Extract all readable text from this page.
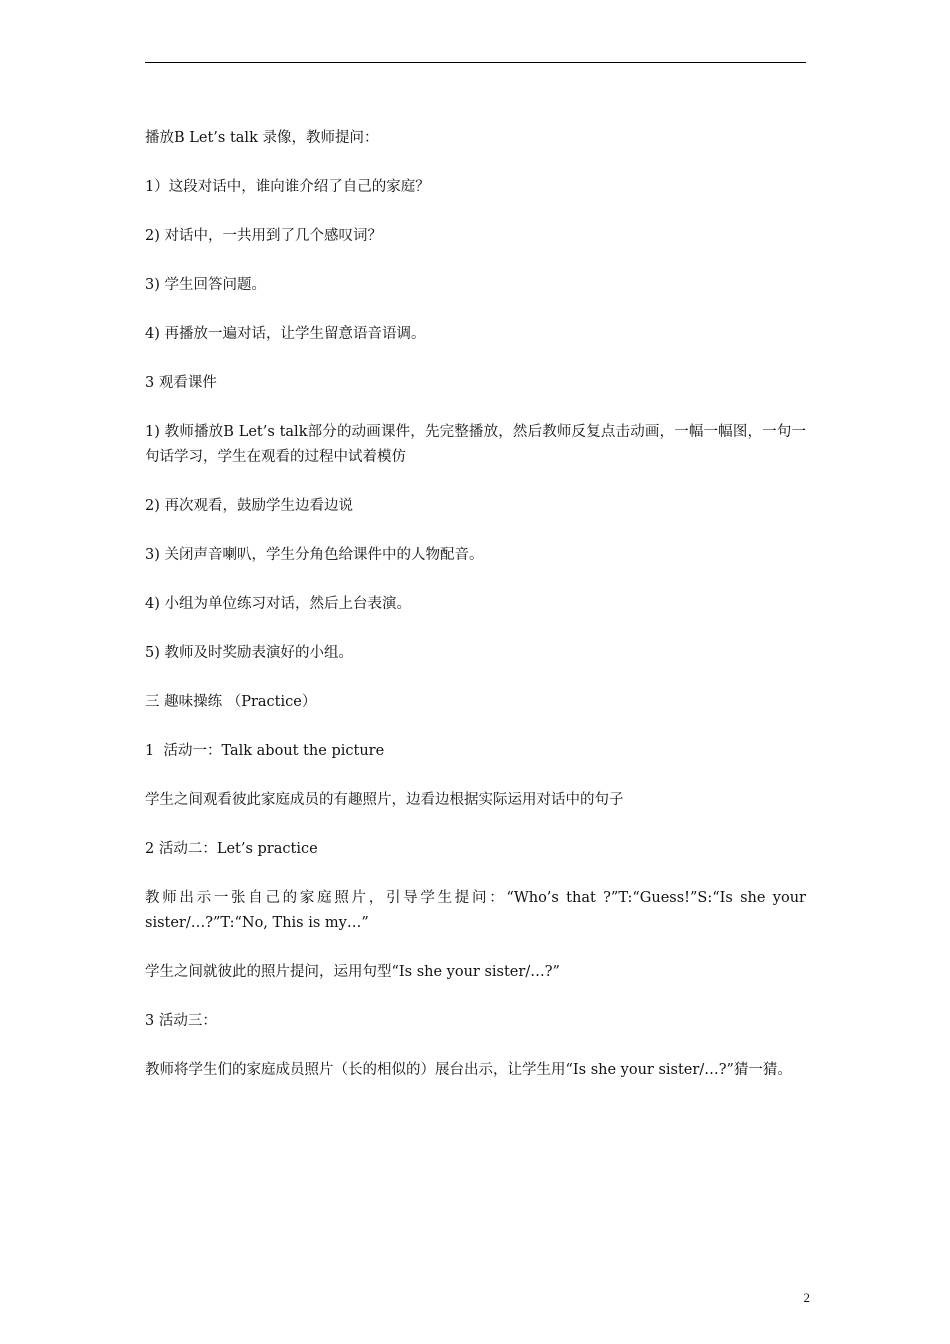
播放B Let’s talk 录像，教师提问：

1）这段对话中，谁向谁介绍了自己的家庭？

2) 对话中，一共用到了几个感叹词？

3) 学生回答问题。

4) 再播放一遍对话，让学生留意语音语调。

3 观看课件

1) 教师播放B Let’s talk部分的动画课件，先完整播放，然后教师反复点击动画，一幅一幅图，一句一句话学习，学生在观看的过程中试着模仿

2) 再次观看，鼓励学生边看边说

3) 关闭声音喇叭，学生分角色给课件中的人物配音。

4) 小组为单位练习对话，然后上台表演。

5) 教师及时奖励表演好的小组。

三 趣味操练 （Practice）

1  活动一：Talk about the picture

学生之间观看彼此家庭成员的有趣照片，边看边根据实际运用对话中的句子

2 活动二：Let’s practice

教师出示一张自己的家庭照片，引导学生提问：“Who’s that ?”T:“Guess!”S:“Is she your sister/…?”T:“No, This is my…”

学生之间就彼此的照片提问，运用句型“Is she your sister/…?”

3 活动三：

教师将学生们的家庭成员照片（长的相似的）展台出示，让学生用“Is she your sister/…?”猜一猜。

2
